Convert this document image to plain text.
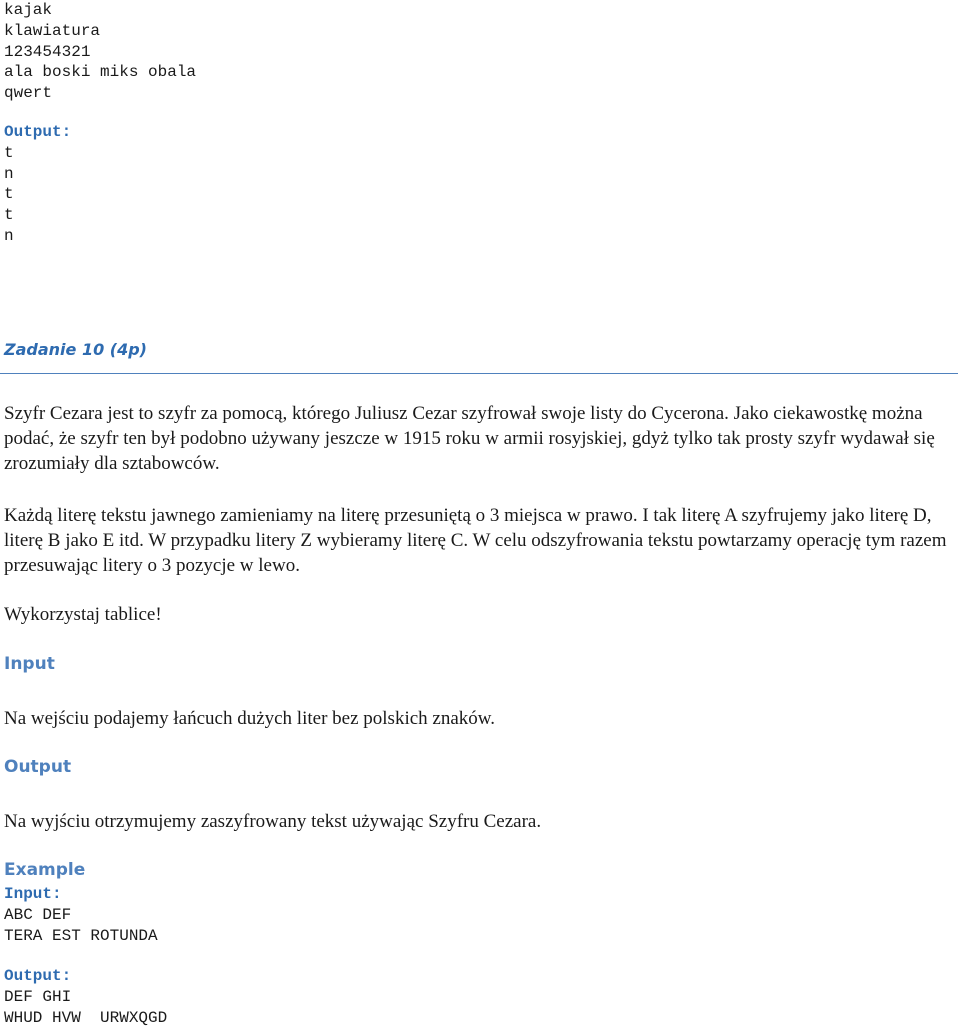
kajak

klawiatura

123454321

ala boski miks obala

qwert

Output:

t

n

t

t

n

Zadanie 10 (4p)

Szyfr Cezara jest to szyfr za pomocą, którego Juliusz Cezar szyfrował swoje listy do Cycerona. Jako ciekawostkę można podać, że szyfr ten był podobno używany jeszcze w 1915 roku w armii rosyjskiej, gdyż tylko tak prosty szyfr wydawał się zrozumiały dla sztabowców.

Każdą literę tekstu jawnego zamieniamy na literę przesuniętą o 3 miejsca w prawo. I tak literę A szyfrujemy jako literę D, literę B jako E itd. W przypadku litery Z wybieramy literę C. W celu odszyfrowania tekstu powtarzamy operację tym razem przesuwając litery o 3 pozycje w lewo.

Wykorzystaj tablice!

Input

Na wejściu podajemy łańcuch dużych liter bez polskich znaków.

Output

Na wyjściu otrzymujemy zaszyfrowany tekst używając Szyfru Cezara.

Example

Input:

ABC DEF

TERA EST ROTUNDA

Output:

DEF GHI

WHUD HVW  URWXQGD
